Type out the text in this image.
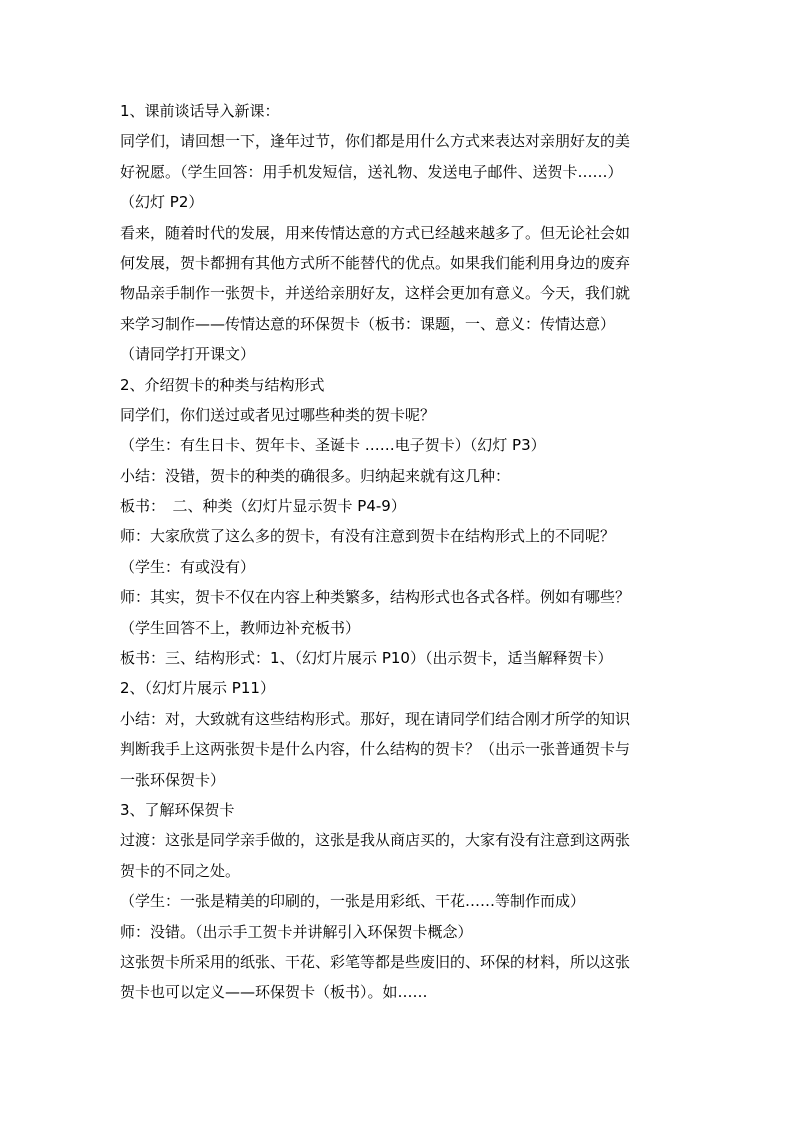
1、课前谈话导入新课：
同学们，请回想一下，逢年过节，你们都是用什么方式来表达对亲朋好友的美
好祝愿。（学生回答：用手机发短信，送礼物、发送电子邮件、送贺卡……）
（幻灯 P2）
看来，随着时代的发展，用来传情达意的方式已经越来越多了。但无论社会如
何发展，贺卡都拥有其他方式所不能替代的优点。如果我们能利用身边的废弃
物品亲手制作一张贺卡，并送给亲朋好友，这样会更加有意义。今天，我们就
来学习制作——传情达意的环保贺卡（板书：课题，一、意义：传情达意）
（请同学打开课文）
2、介绍贺卡的种类与结构形式
同学们，你们送过或者见过哪些种类的贺卡呢？
（学生：有生日卡、贺年卡、圣诞卡 ……电子贺卡）（幻灯 P3）
小结：没错，贺卡的种类的确很多。归纳起来就有这几种：
板书：　二、种类（幻灯片显示贺卡 P4-9）
师：大家欣赏了这么多的贺卡，有没有注意到贺卡在结构形式上的不同呢？
（学生：有或没有）
师：其实，贺卡不仅在内容上种类繁多，结构形式也各式各样。例如有哪些？
（学生回答不上，教师边补充板书）
板书：三、结构形式：1、（幻灯片展示 P10）（出示贺卡，适当解释贺卡）
2、（幻灯片展示 P11）
小结：对，大致就有这些结构形式。那好，现在请同学们结合刚才所学的知识
判断我手上这两张贺卡是什么内容，什么结构的贺卡？（出示一张普通贺卡与
一张环保贺卡）
3、了解环保贺卡
过渡：这张是同学亲手做的，这张是我从商店买的，大家有没有注意到这两张
贺卡的不同之处。
（学生：一张是精美的印刷的，一张是用彩纸、干花……等制作而成）
师：没错。（出示手工贺卡并讲解引入环保贺卡概念）
这张贺卡所采用的纸张、干花、彩笔等都是些废旧的、环保的材料，所以这张
贺卡也可以定义——环保贺卡（板书）。如……
